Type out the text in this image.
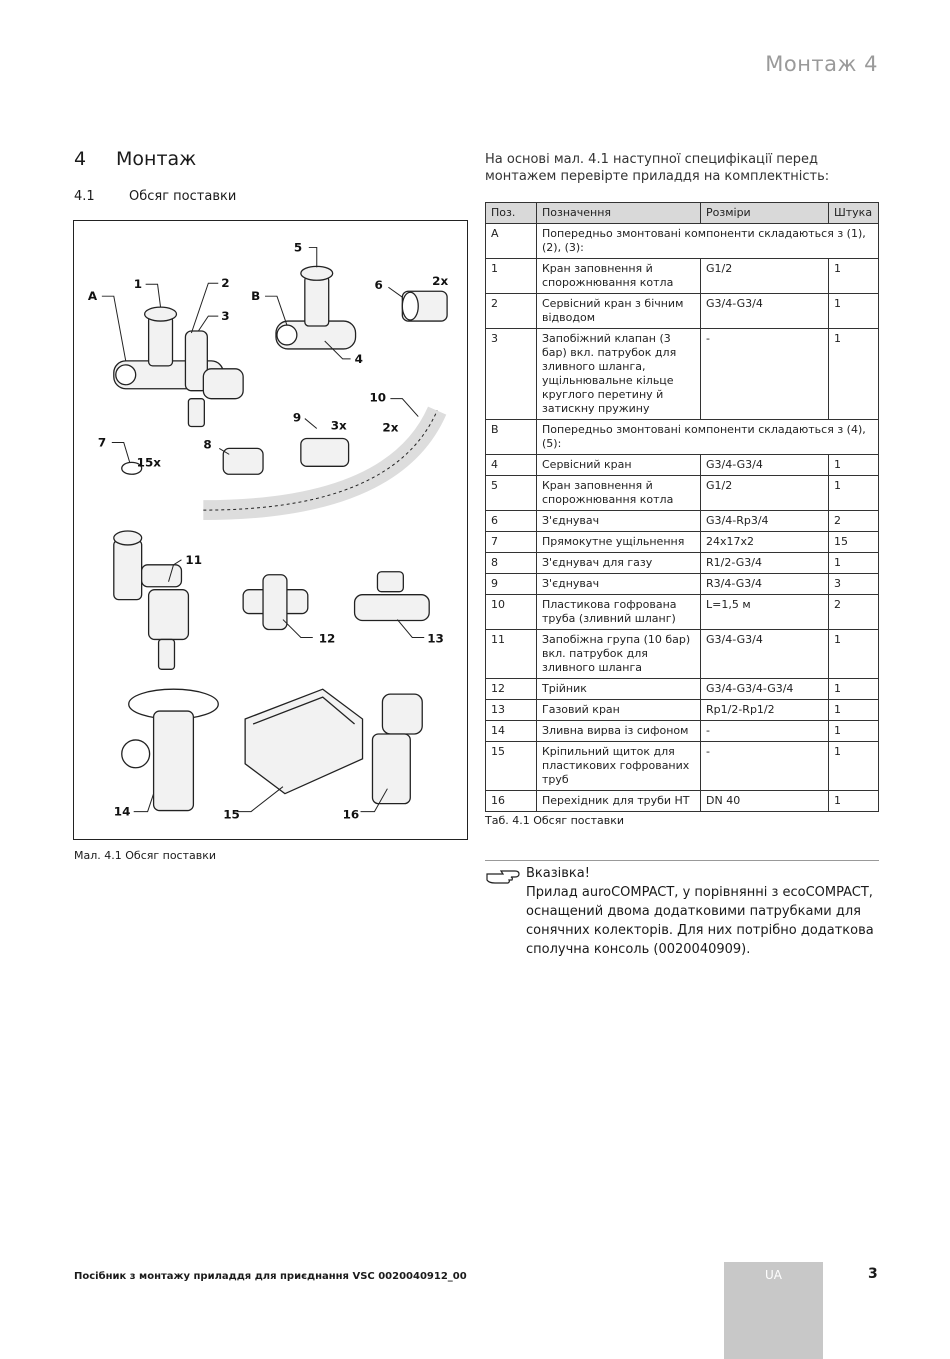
Монтаж 4
4 Монтаж
4.1	Обсяг поставки
На основі мал. 4.1 наступної специфікації перед монтажем перевірте приладдя на комплектність:
A
1	2
3
B
5
4
6	2x
7
15x
8
9
3x
10
2x
11
12	13
14	15	16
Мал. 4.1 Обсяг поставки
Поз.	Позначення	Розміри	Штука
A	Попередньо змонтовані компоненти складаються з (1), (2), (3):		
1	Кран заповнення й спорожнювання котла	G1/2	1
2	Сервісний кран з бічним відводом	G3/4-G3/4	1
3	Запобіжний клапан (3 бар) вкл. патрубок для зливного шланга, ущільнювальне кільце круглого перетину й затискну пружину	-	1
B	Попередньо змонтовані компоненти складаються з (4), (5):		
4	Сервісний кран	G3/4-G3/4	1
5	Кран заповнення й спорожнювання котла	G1/2	1
6	З'єднувач	G3/4-Rp3/4	2
7	Прямокутне ущільнення	24x17x2	15
8	З'єднувач для газу	R1/2-G3/4	1
9	З'єднувач	R3/4-G3/4	3
10	Пластикова гофрована труба (зливний шланг)	L=1,5 м	2
11	Запобіжна група (10 бар) вкл. патрубок для зливного шланга	G3/4-G3/4	1
12	Трійник	G3/4-G3/4-G3/4	1
13	Газовий кран	Rp1/2-Rp1/2	1
14	Зливна вирва із сифоном	-	1
15	Кріпильний щиток для пластикових гофрованих труб	-	1
16	Перехідник для труби HT	DN 40	1
Таб. 4.1 Обсяг поставки
Вказівка!
Прилад auroCOMPACT, у порівнянні з ecoCOMPACT, оснащений двома додатковими патрубками для сонячних колекторів. Для них потрібно додаткова сполучна консоль (0020040909).
Посібник з монтажу приладдя для приєднання VSC 0020040912_00	UA	3
